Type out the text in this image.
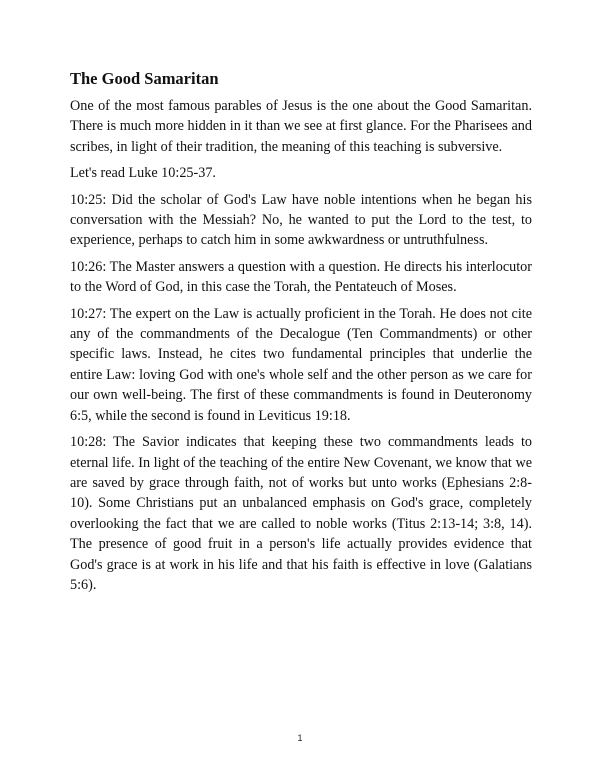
The Good Samaritan

One of the most famous parables of Jesus is the one about the Good Samaritan. There is much more hidden in it than we see at first glance. For the Pharisees and scribes, in light of their tradition, the meaning of this teaching is subversive.

Let's read Luke 10:25-37.

10:25: Did the scholar of God's Law have noble intentions when he began his conversation with the Messiah? No, he wanted to put the Lord to the test, to experience, perhaps to catch him in some awkwardness or untruthfulness.

10:26: The Master answers a question with a question. He directs his interlocutor to the Word of God, in this case the Torah, the Pentateuch of Moses.

10:27: The expert on the Law is actually proficient in the Torah. He does not cite any of the commandments of the Decalogue (Ten Commandments) or other specific laws. Instead, he cites two fundamental principles that underlie the entire Law: loving God with one's whole self and the other person as we care for our own well-being. The first of these commandments is found in Deuteronomy 6:5, while the second is found in Leviticus 19:18.

10:28: The Savior indicates that keeping these two commandments leads to eternal life. In light of the teaching of the entire New Covenant, we know that we are saved by grace through faith, not of works but unto works (Ephesians 2:8-10). Some Christians put an unbalanced emphasis on God's grace, completely overlooking the fact that we are called to noble works (Titus 2:13-14; 3:8, 14). The presence of good fruit in a person's life actually provides evidence that God's grace is at work in his life and that his faith is effective in love (Galatians 5:6).

1
